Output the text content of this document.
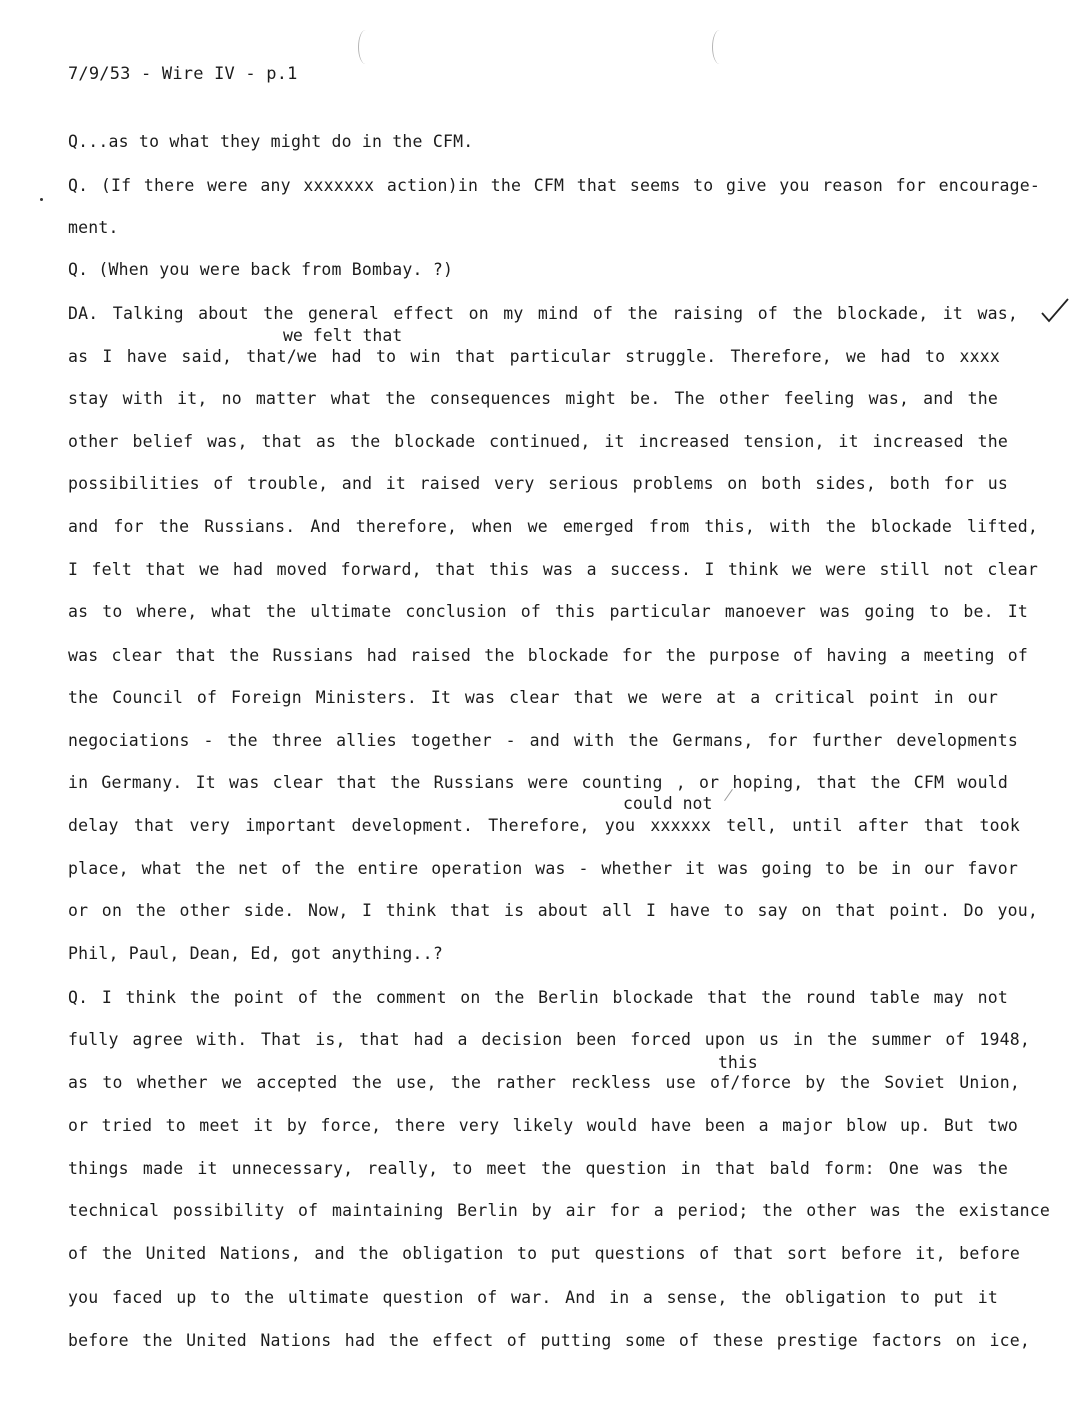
7/9/53 - Wire IV - p.1
Q...as to what they might do in the CFM.
Q. (If there were any xxxxxxx action)in the CFM that seems to give you reason for encourage-
ment.
Q. (When you were back from Bombay. ?)
DA. Talking about the general effect on my mind of the raising of the blockade, it was,
we felt that
as I have said, that/we had to win that particular struggle. Therefore, we had to xxxx
stay with it, no matter what the consequences might be. The other feeling was, and the
other belief was, that as the blockade continued, it increased tension, it increased the
possibilities of trouble, and it raised very serious problems on both sides, both for us
and for the Russians. And therefore, when we emerged from this, with the blockade lifted,
I felt that we had moved forward, that this was a success. I think we were still not clear
as to where, what the ultimate conclusion of this particular manoever was going to be. It
was clear that the Russians had raised the blockade for the purpose of having a meeting of
the Council of Foreign Ministers. It was clear that we were at a critical point in our
negociations - the three allies together - and with the Germans, for further developments
in Germany. It was clear that the Russians were counting , or hoping, that the CFM would
could not
delay that very important development. Therefore, you xxxxxx tell, until after that took
place, what the net of the entire operation was - whether it was going to be in our favor
or on the other side. Now, I think that is about all I have to say on that point. Do you,
Phil, Paul, Dean, Ed, got anything..?
Q. I think the point of the comment on the Berlin blockade that the round table may not
fully agree with. That is, that had a decision been forced upon us in the summer of 1948,
this
as to whether we accepted the use, the rather reckless use of/force by the Soviet Union,
or tried to meet it by force, there very likely would have been a major blow up. But two
things made it unnecessary, really, to meet the question in that bald form: One was the
technical possibility of maintaining Berlin by air for a period; the other was the existance
of the United Nations, and the obligation to put questions of that sort before it, before
you faced up to the ultimate question of war. And in a sense, the obligation to put it
before the United Nations had the effect of putting some of these prestige factors on ice,
